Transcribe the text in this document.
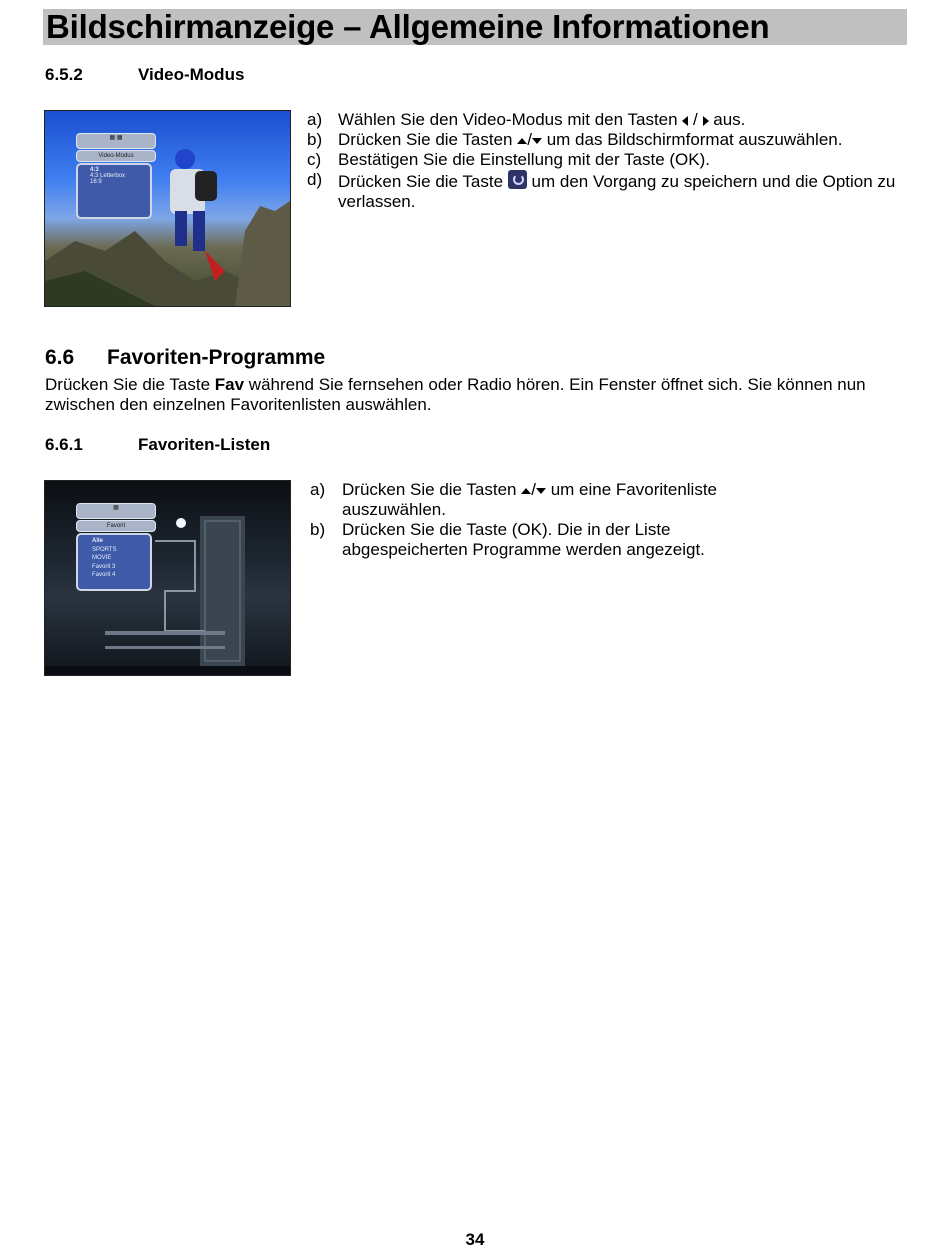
Bildschirmanzeige – Allgemeine Informationen
6.5.2	Video-Modus
▦ ▦
Video-Modus
4:3
4:3 Letterbox
16:9
a) Wählen Sie den Video-Modus mit den Tasten / aus.
b) Drücken Sie die Tasten / um das Bildschirmformat auszuwählen.
c) Bestätigen Sie die Einstellung mit der Taste (OK).
d) Drücken Sie die Taste um den Vorgang zu speichern und die Option zu verlassen.
6.6 Favoriten-Programme
Drücken Sie die Taste Fav während Sie fernsehen oder Radio hören. Ein Fenster öffnet sich. Sie können nun zwischen den einzelnen Favoritenlisten auswählen.
6.6.1	Favoriten-Listen
▦
Favorit
Alle
SPORTS
MOVIE
Favorit 3
Favorit 4
a) Drücken Sie die Tasten / um eine Favoritenliste auszuwählen.
b) Drücken Sie die Taste (OK). Die in der Liste abgespeicherten Programme werden angezeigt.
34
